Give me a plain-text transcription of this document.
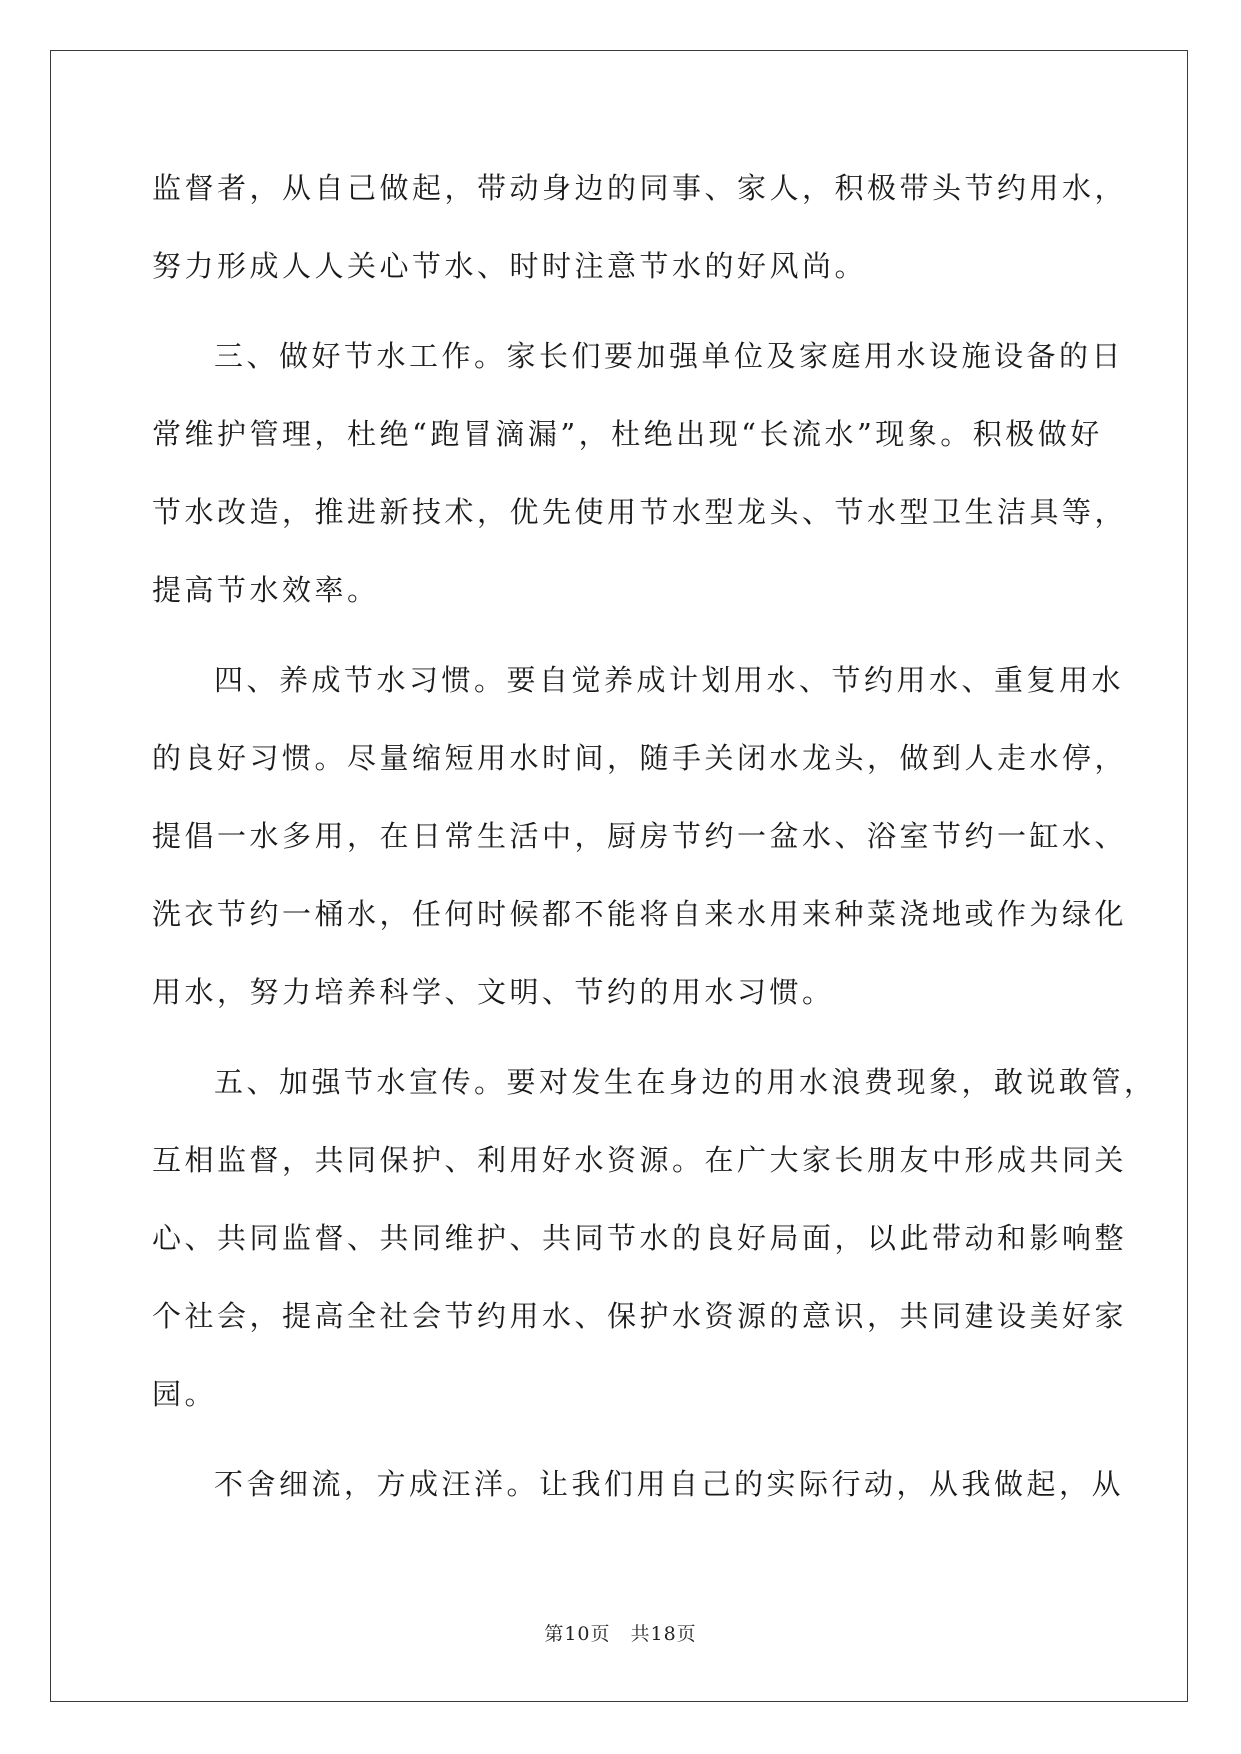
监督者，从自己做起，带动身边的同事、家人，积极带头节约用水，
努力形成人人关心节水、时时注意节水的好风尚。
三、做好节水工作。家长们要加强单位及家庭用水设施设备的日
常维护管理，杜绝“跑冒滴漏”，杜绝出现“长流水”现象。积极做好
节水改造，推进新技术，优先使用节水型龙头、节水型卫生洁具等，
提高节水效率。
四、养成节水习惯。要自觉养成计划用水、节约用水、重复用水
的良好习惯。尽量缩短用水时间，随手关闭水龙头，做到人走水停，
提倡一水多用，在日常生活中，厨房节约一盆水、浴室节约一缸水、
洗衣节约一桶水，任何时候都不能将自来水用来种菜浇地或作为绿化
用水，努力培养科学、文明、节约的用水习惯。
五、加强节水宣传。要对发生在身边的用水浪费现象，敢说敢管，
互相监督，共同保护、利用好水资源。在广大家长朋友中形成共同关
心、共同监督、共同维护、共同节水的良好局面，以此带动和影响整
个社会，提高全社会节约用水、保护水资源的意识，共同建设美好家
园。
不舍细流，方成汪洋。让我们用自己的实际行动，从我做起，从
第10页　共18页
